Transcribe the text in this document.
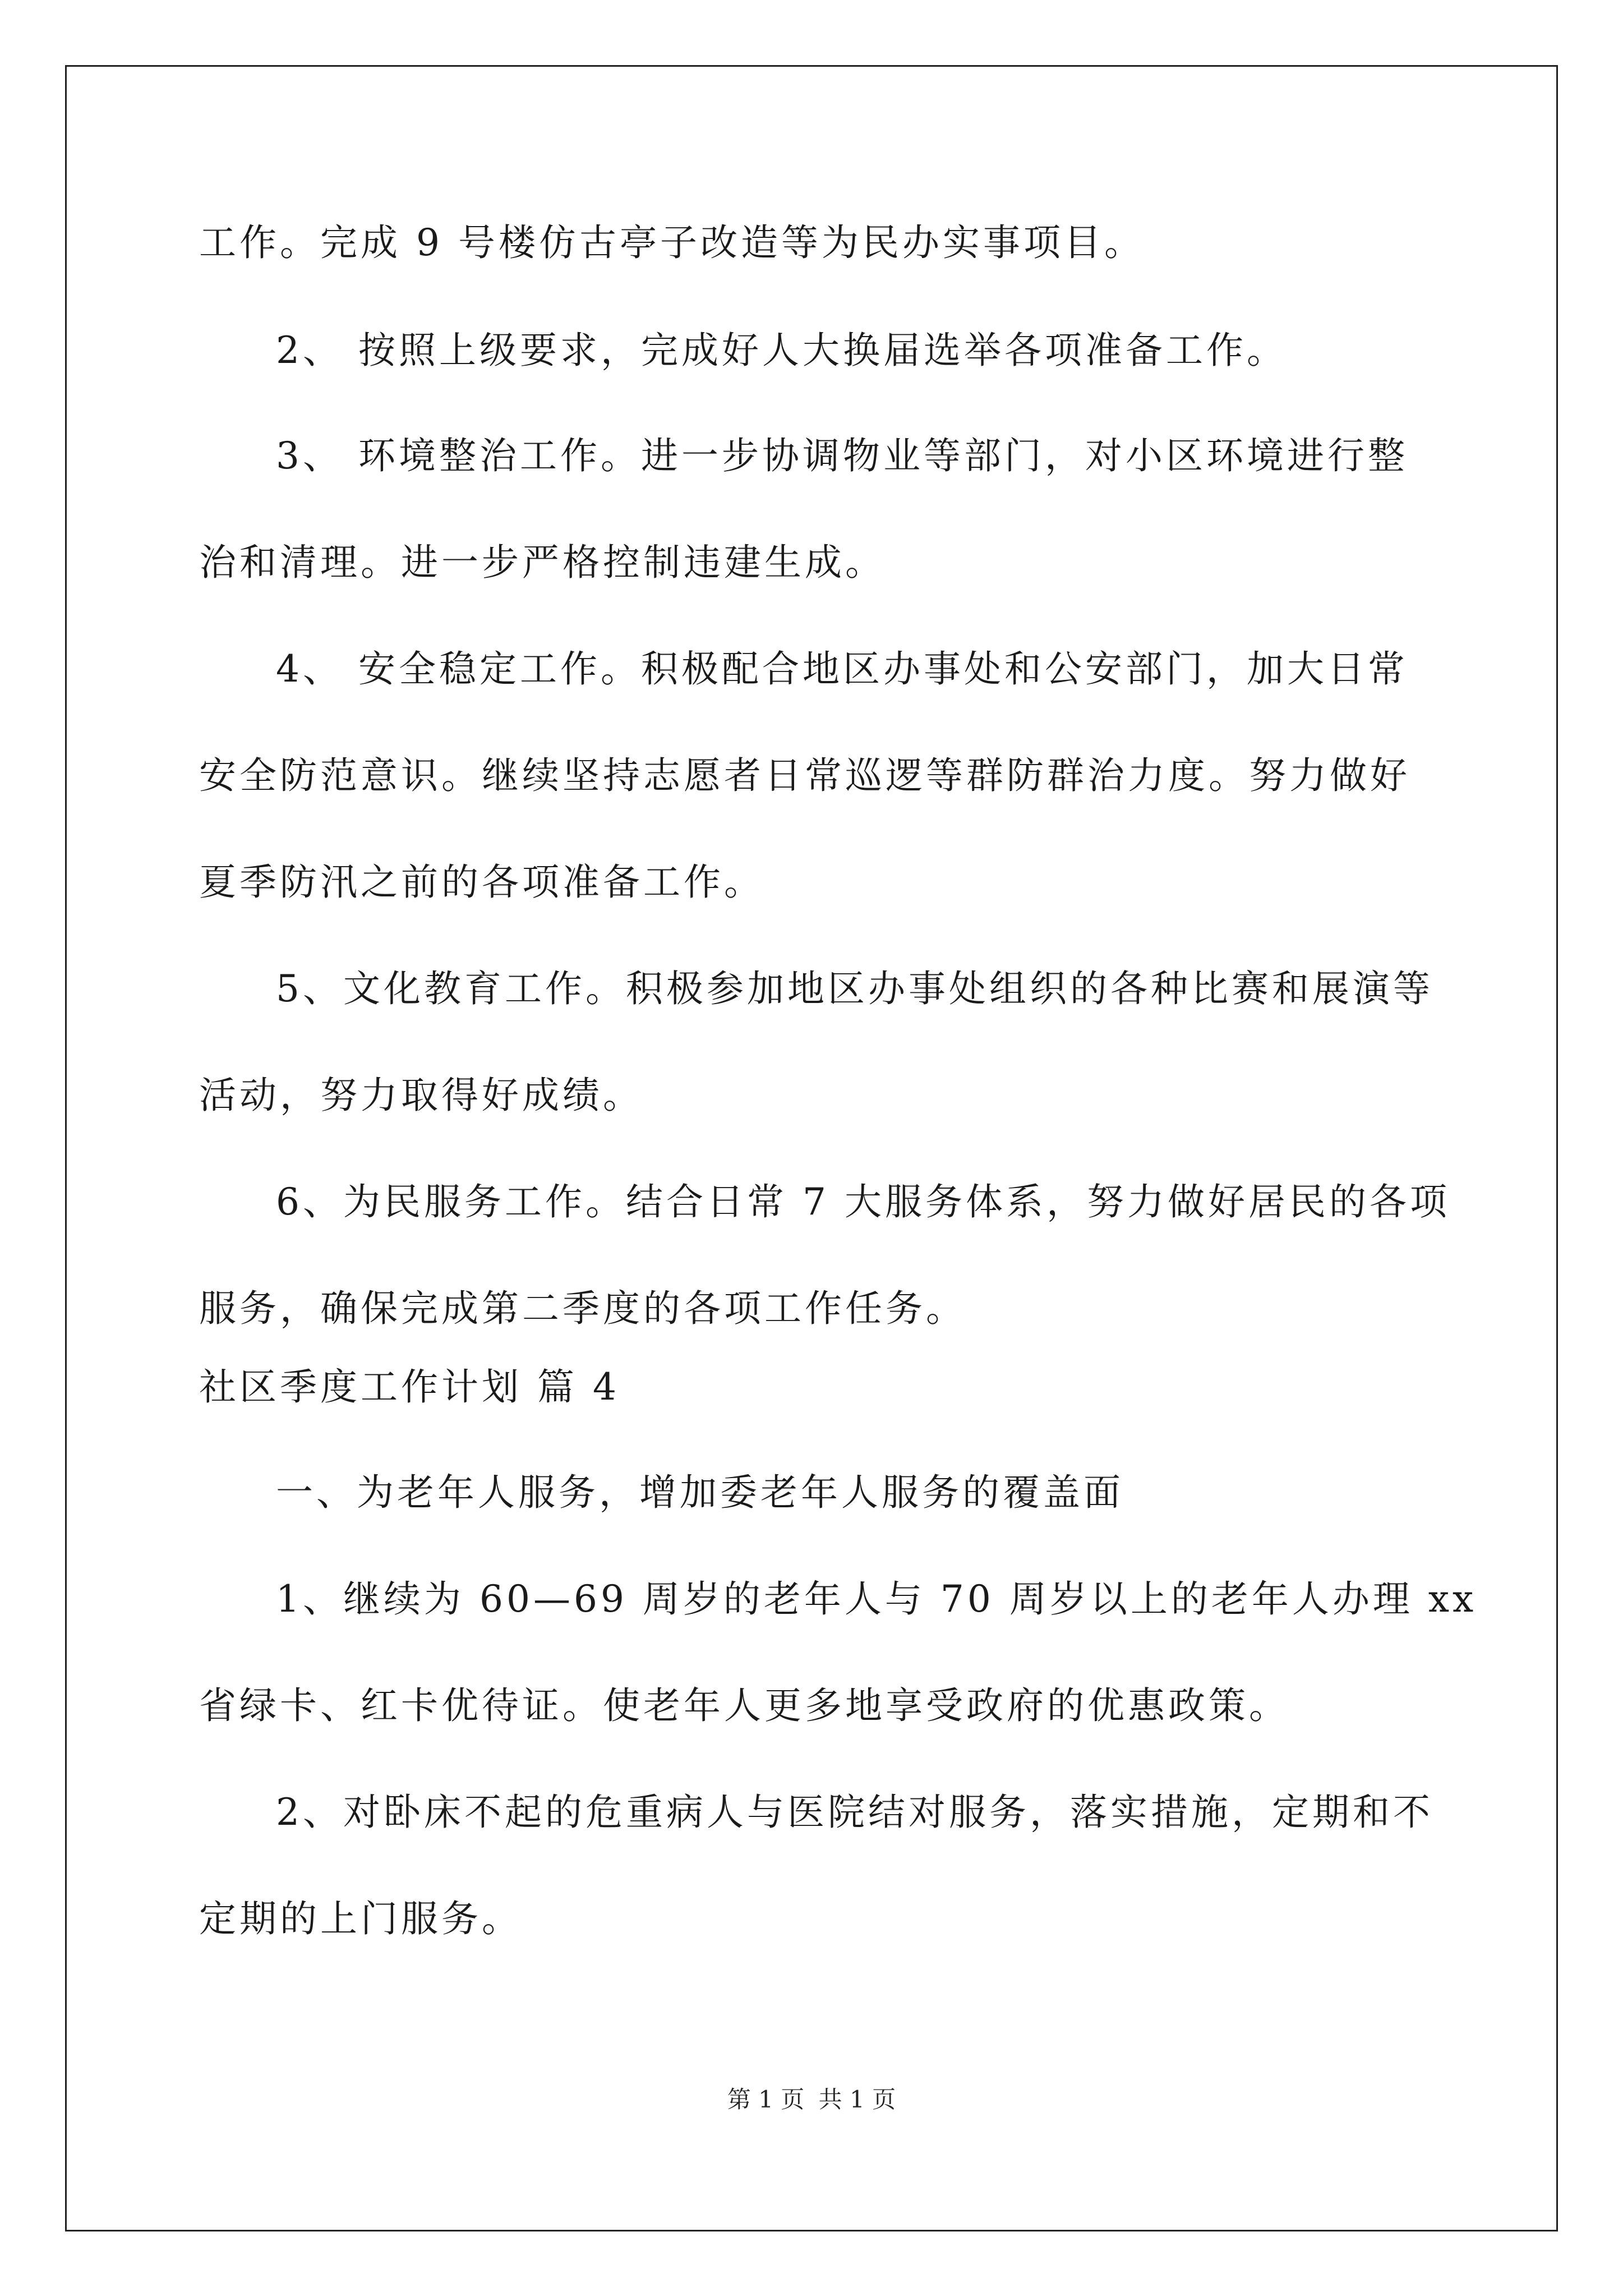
工作。完成 9 号楼仿古亭子改造等为民办实事项目。
2、 按照上级要求，完成好人大换届选举各项准备工作。
3、 环境整治工作。进一步协调物业等部门，对小区环境进行整
治和清理。进一步严格控制违建生成。
4、 安全稳定工作。积极配合地区办事处和公安部门，加大日常
安全防范意识。继续坚持志愿者日常巡逻等群防群治力度。努力做好
夏季防汛之前的各项准备工作。
5、文化教育工作。积极参加地区办事处组织的各种比赛和展演等
活动，努力取得好成绩。
6、为民服务工作。结合日常 7 大服务体系，努力做好居民的各项
服务，确保完成第二季度的各项工作任务。
社区季度工作计划 篇 4
一、为老年人服务，增加委老年人服务的覆盖面
1、继续为 60—69 周岁的老年人与 70 周岁以上的老年人办理 xx
省绿卡、红卡优待证。使老年人更多地享受政府的优惠政策。
2、对卧床不起的危重病人与医院结对服务，落实措施，定期和不
定期的上门服务。
第 1 页 共 1 页
